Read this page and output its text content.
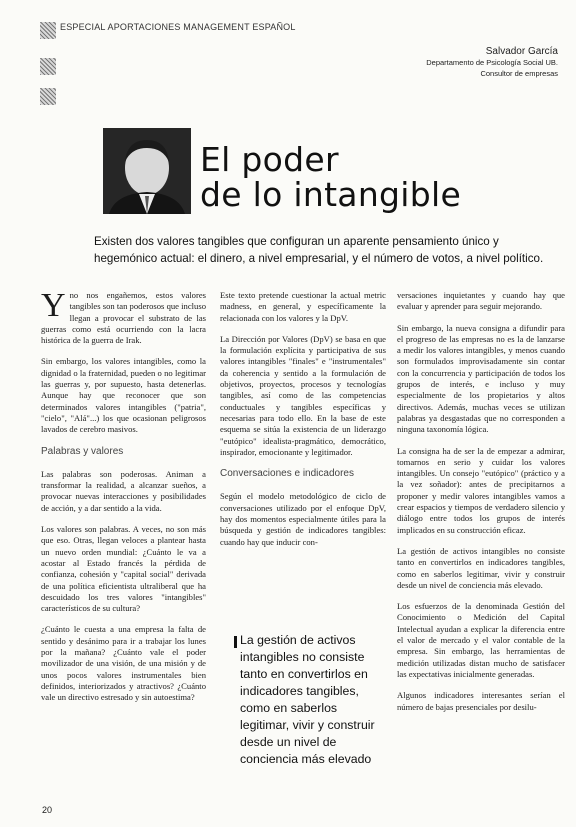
ESPECIAL APORTACIONES MANAGEMENT ESPAÑOL
Salvador García
Departamento de Psicología Social UB.
Consultor de empresas
El poder
de lo intangible
Existen dos valores tangibles que configuran un aparente pensamiento único y hegemónico actual: el dinero, a nivel empresarial, y el número de votos, a nivel político.

Yno nos engañemos, estos valores tangibles son tan poderosos que incluso llegan a provocar el substrato de las guerras como está ocurriendo con la lacra histórica de la guerra de Irak.

Sin embargo, los valores intangibles, como la dignidad o la fraternidad, pueden o no legitimar las guerras y, por supuesto, hasta detenerlas. Aunque hay que reconocer que son determinados valores intangibles ("patria", "cielo", "Alá"...) los que ocasionan peligrosos lavados de cerebro masivos.

Palabras y valores

Las palabras son poderosas. Animan a transformar la realidad, a alcanzar sueños, a provocar nuevas interacciones y posibilidades de acción, y a dar sentido a la vida.

Los valores son palabras. A veces, no son más que eso. Otras, llegan veloces a plantear hasta un nuevo orden mundial: ¿Cuánto le va a acostar al Estado francés la pérdida de confianza, cohesión y "capital social" derivada de una política eficientista ultraliberal que ha descuidado los tres valores "intangibles" característicos de su cultura?

¿Cuánto le cuesta a una empresa la falta de sentido y desánimo para ir a trabajar los lunes por la mañana? ¿Cuánto vale el poder movilizador de una visión, de una misión y de unos pocos valores instrumentales bien definidos, interiorizados y atractivos? ¿Cuánto vale un directivo estresado y sin autoestima?

Este texto pretende cuestionar la actual metric madness, en general, y específicamente la relacionada con los valores y la DpV.

La Dirección por Valores (DpV) se basa en que la formulación explícita y participativa de sus valores intangibles "finales" e "instrumentales" da coherencia y sentido a la formulación de objetivos, proyectos, procesos y tecnologías tangibles, así como de las competencias conductuales y tangibles específicas y necesarias para todo ello. En la base de este esquema se sitúa la existencia de un liderazgo "eutópico" idealista-pragmático, democrático, inspirador, emocionante y legitimador.

Conversaciones e indicadores

Según el modelo metodológico de ciclo de conversaciones utilizado por el enfoque DpV, hay dos momentos especialmente útiles para la búsqueda y gestión de indicadores tangibles: cuando hay que inducir con-

La gestión de activos intangibles no consiste tanto en convertirlos en indicadores tangibles, como en saberlos legitimar, vivir y construir desde un nivel de conciencia más elevado

versaciones inquietantes y cuando hay que evaluar y aprender para seguir mejorando.

Sin embargo, la nueva consigna a difundir para el progreso de las empresas no es la de lanzarse a medir los valores intangibles, y menos cuando son formulados improvisadamente sin contar con la concurrencia y participación de todos los grupos de interés, e incluso y muy especialmente de los propietarios y altos directivos. Además, muchas veces se utilizan palabras ya desgastadas que no corresponden a ninguna taxonomía lógica.

La consigna ha de ser la de empezar a admirar, tomarnos en serio y cuidar los valores intangibles. Un consejo "eutópico" (práctico y a la vez soñador): antes de precipitarnos a proponer y medir valores intangibles vamos a crear espacios y tiempos de verdadero silencio y diálogo entre todos los grupos de interés implicados en su construcción eficaz.

La gestión de activos intangibles no consiste tanto en convertirlos en indicadores tangibles, como en saberlos legitimar, vivir y construir desde un nivel de conciencia más elevado.

Los esfuerzos de la denominada Gestión del Conocimiento o Medición del Capital Intelectual ayudan a explicar la diferencia entre el valor de mercado y el valor contable de la empresa. Sin embargo, las herramientas de medición utilizadas distan mucho de satisfacer las expectativas inicialmente generadas.

Algunos indicadores interesantes serían el número de bajas presenciales por desilu-

20
